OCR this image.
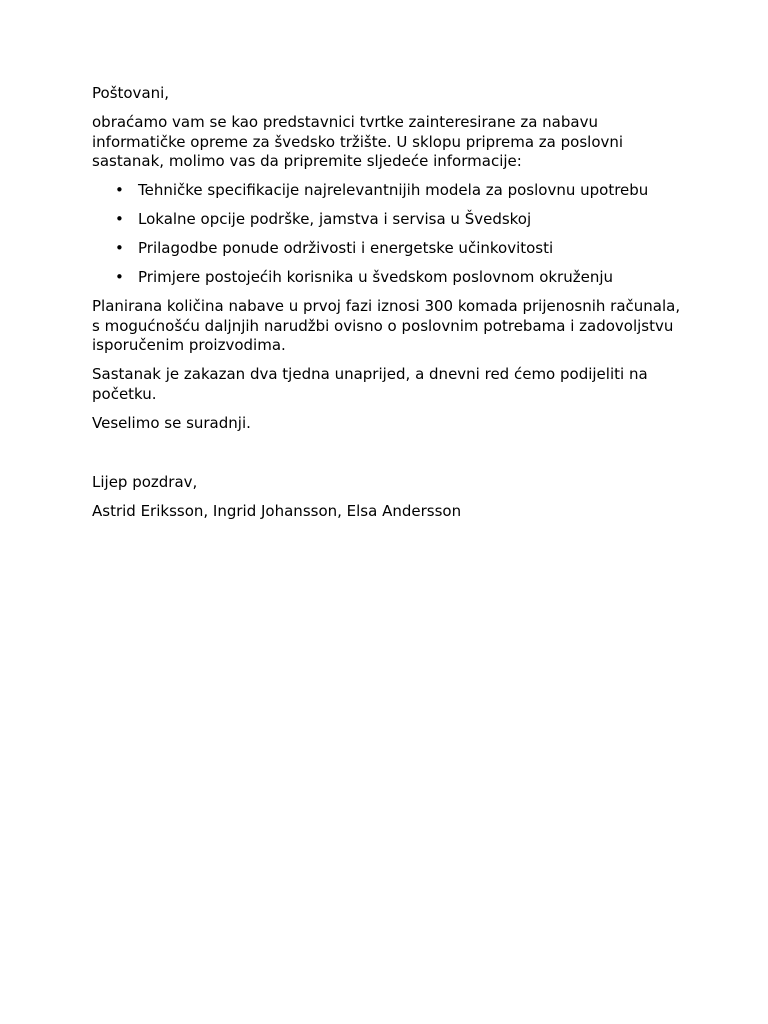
Poštovani,

obraćamo vam se kao predstavnici tvrtke zainteresirane za nabavu informatičke opreme za švedsko tržište. U sklopu priprema za poslovni sastanak, molimo vas da pripremite sljedeće informacije:

• Tehničke specifikacije najrelevantnijih modela za poslovnu upotrebu
• Lokalne opcije podrške, jamstva i servisa u Švedskoj
• Prilagodbe ponude održivosti i energetske učinkovitosti
• Primjere postojećih korisnika u švedskom poslovnom okruženju

Planirana količina nabave u prvoj fazi iznosi 300 komada prijenosnih računala, s mogućnošću daljnjih narudžbi ovisno o poslovnim potrebama i zadovoljstvu isporučenim proizvodima.

Sastanak je zakazan dva tjedna unaprijed, a dnevni red ćemo podijeliti na početku.

Veselimo se suradnji.

Lijep pozdrav,

Astrid Eriksson, Ingrid Johansson, Elsa Andersson
